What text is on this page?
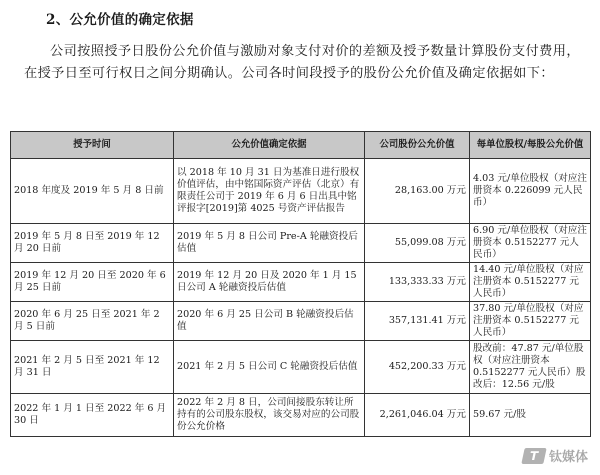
2、公允价值的确定依据

公司按照授予日股份公允价值与激励对象支付对价的差额及授予数量计算股份支付费用，在授予日至可行权日之间分期确认。公司各时间段授予的股份公允价值及确定依据如下：

授予时间	公允价值确定依据	公司股份公允价值	每单位股权/每股公允价值
2018 年度及 2019 年 5 月 8 日前	以 2018 年 10 月 31 日为基准日进行股权价值评估，由中铭国际资产评估（北京）有限责任公司于 2019 年 6 月 6 日出具中铭评报字[2019]第 4025 号资产评估报告	28,163.00 万元	4.03 元/单位股权（对应注册资本 0.226099 元人民币）
2019 年 5 月 8 日至 2019 年 12 月 20 日前	2019 年 5 月 8 日公司 Pre-A 轮融资投后估值	55,099.08 万元	6.90 元/单位股权（对应注册资本 0.5152277 元人民币）
2019 年 12 月 20 日至 2020 年 6 月 25 日前	2019 年 12 月 20 日及 2020 年 1 月 15 日公司 A 轮融资投后估值	133,333.33 万元	14.40 元/单位股权（对应注册资本 0.5152277 元人民币）
2020 年 6 月 25 日至 2021 年 2 月 5 日前	2020 年 6 月 25 日公司 B 轮融资投后估值	357,131.41 万元	37.80 元/单位股权（对应注册资本 0.5152277 元人民币）
2021 年 2 月 5 日至 2021 年 12 月 31 日	2021 年 2 月 5 日公司 C 轮融资投后估值	452,200.33 万元	股改前：47.87 元/单位股权（对应注册资本 0.5152277 元人民币）股改后：12.56 元/股
2022 年 1 月 1 日至 2022 年 6 月 30 日	2022 年 2 月 8 日，公司间接股东转让所持有的公司股东股权，该交易对应的公司股份公允价格	2,261,046.04 万元	59.67 元/股
T 钛媒体
